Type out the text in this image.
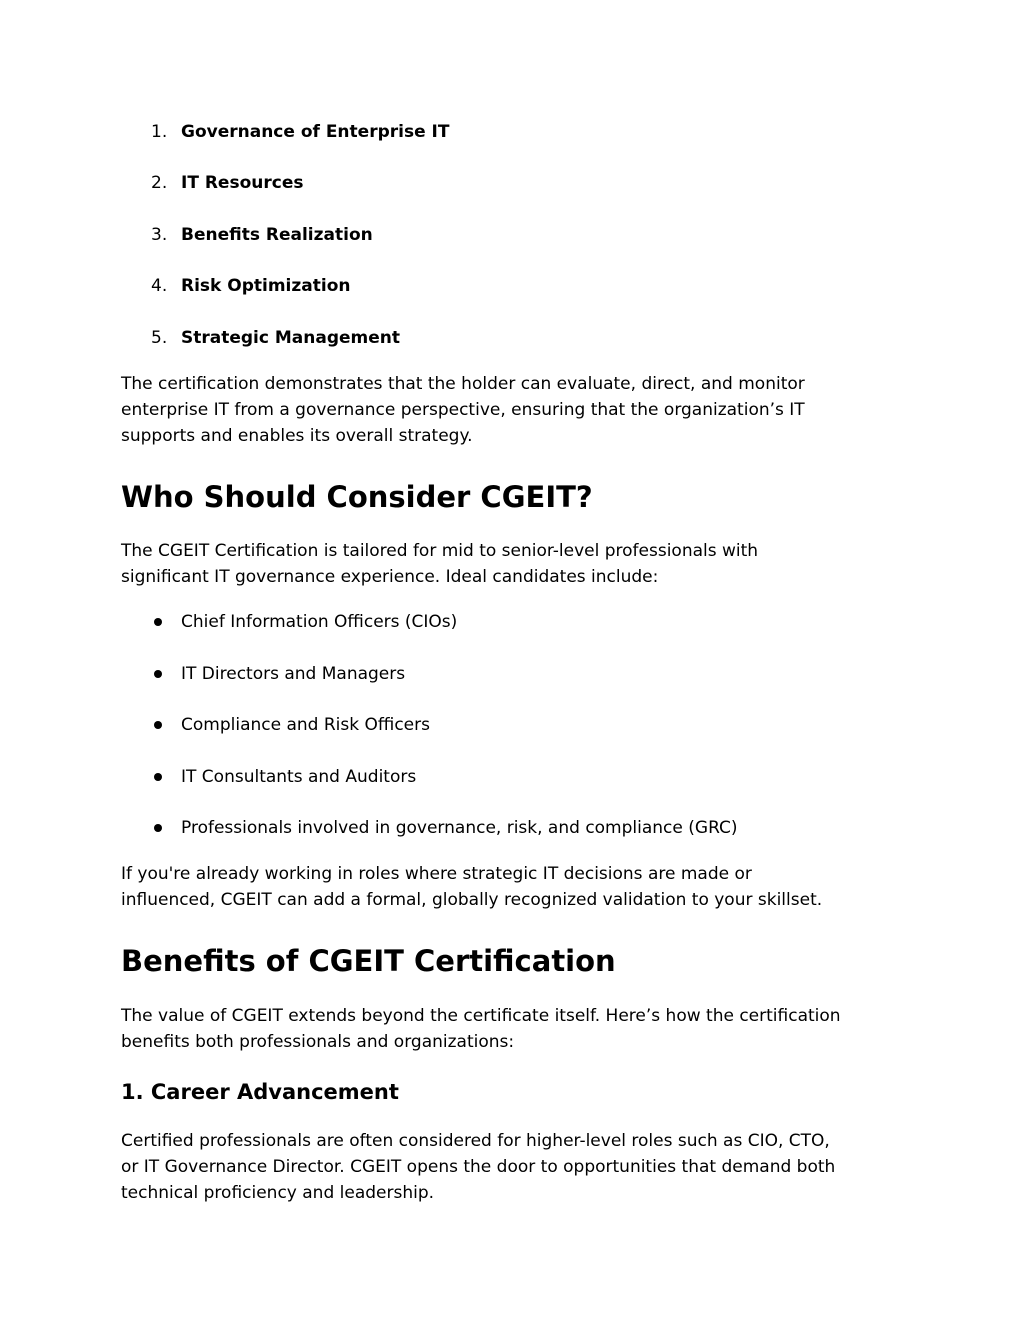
1. Governance of Enterprise IT
2. IT Resources
3. Benefits Realization
4. Risk Optimization
5. Strategic Management
The certification demonstrates that the holder can evaluate, direct, and monitor
enterprise IT from a governance perspective, ensuring that the organization’s IT
supports and enables its overall strategy.
Who Should Consider CGEIT?
The CGEIT Certification is tailored for mid to senior-level professionals with
significant IT governance experience. Ideal candidates include:
Chief Information Officers (CIOs)
IT Directors and Managers
Compliance and Risk Officers
IT Consultants and Auditors
Professionals involved in governance, risk, and compliance (GRC)
If you're already working in roles where strategic IT decisions are made or
influenced, CGEIT can add a formal, globally recognized validation to your skillset.
Benefits of CGEIT Certification
The value of CGEIT extends beyond the certificate itself. Here’s how the certification
benefits both professionals and organizations:
1. Career Advancement
Certified professionals are often considered for higher-level roles such as CIO, CTO,
or IT Governance Director. CGEIT opens the door to opportunities that demand both
technical proficiency and leadership.
